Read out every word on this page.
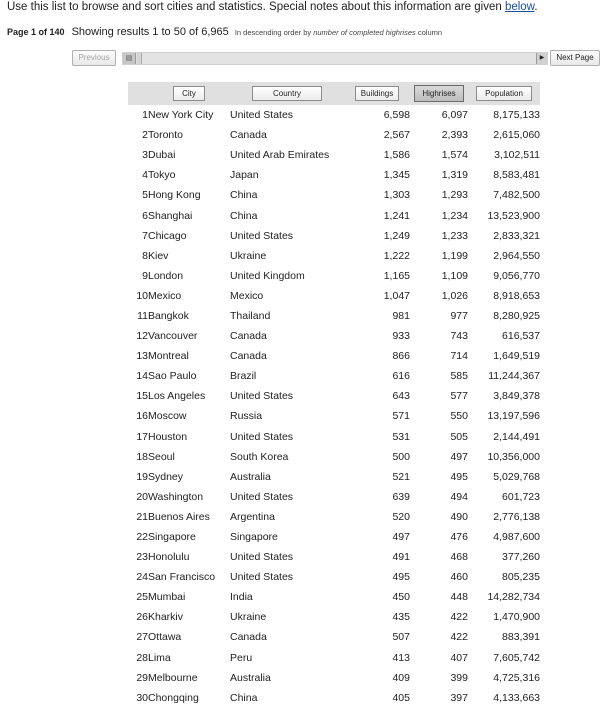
Use this list to browse and sort cities and statistics. Special notes about this information are given below.
Page 1 of 140 Showing results 1 to 50 of 6,965 In descending order by number of completed highrises column
Previous	▤	▶	Next Page
	City	Country	Buildings	Highrises	Population
1	New York City	United States	6,598	6,097	8,175,133
2	Toronto	Canada	2,567	2,393	2,615,060
3	Dubai	United Arab Emirates	1,586	1,574	3,102,511
4	Tokyo	Japan	1,345	1,319	8,583,481
5	Hong Kong	China	1,303	1,293	7,482,500
6	Shanghai	China	1,241	1,234	13,523,900
7	Chicago	United States	1,249	1,233	2,833,321
8	Kiev	Ukraine	1,222	1,199	2,964,550
9	London	United Kingdom	1,165	1,109	9,056,770
10	Mexico	Mexico	1,047	1,026	8,918,653
11	Bangkok	Thailand	981	977	8,280,925
12	Vancouver	Canada	933	743	616,537
13	Montreal	Canada	866	714	1,649,519
14	Sao Paulo	Brazil	616	585	11,244,367
15	Los Angeles	United States	643	577	3,849,378
16	Moscow	Russia	571	550	13,197,596
17	Houston	United States	531	505	2,144,491
18	Seoul	South Korea	500	497	10,356,000
19	Sydney	Australia	521	495	5,029,768
20	Washington	United States	639	494	601,723
21	Buenos Aires	Argentina	520	490	2,776,138
22	Singapore	Singapore	497	476	4,987,600
23	Honolulu	United States	491	468	377,260
24	San Francisco	United States	495	460	805,235
25	Mumbai	India	450	448	14,282,734
26	Kharkiv	Ukraine	435	422	1,470,900
27	Ottawa	Canada	507	422	883,391
28	Lima	Peru	413	407	7,605,742
29	Melbourne	Australia	409	399	4,725,316
30	Chongqing	China	405	397	4,133,663
